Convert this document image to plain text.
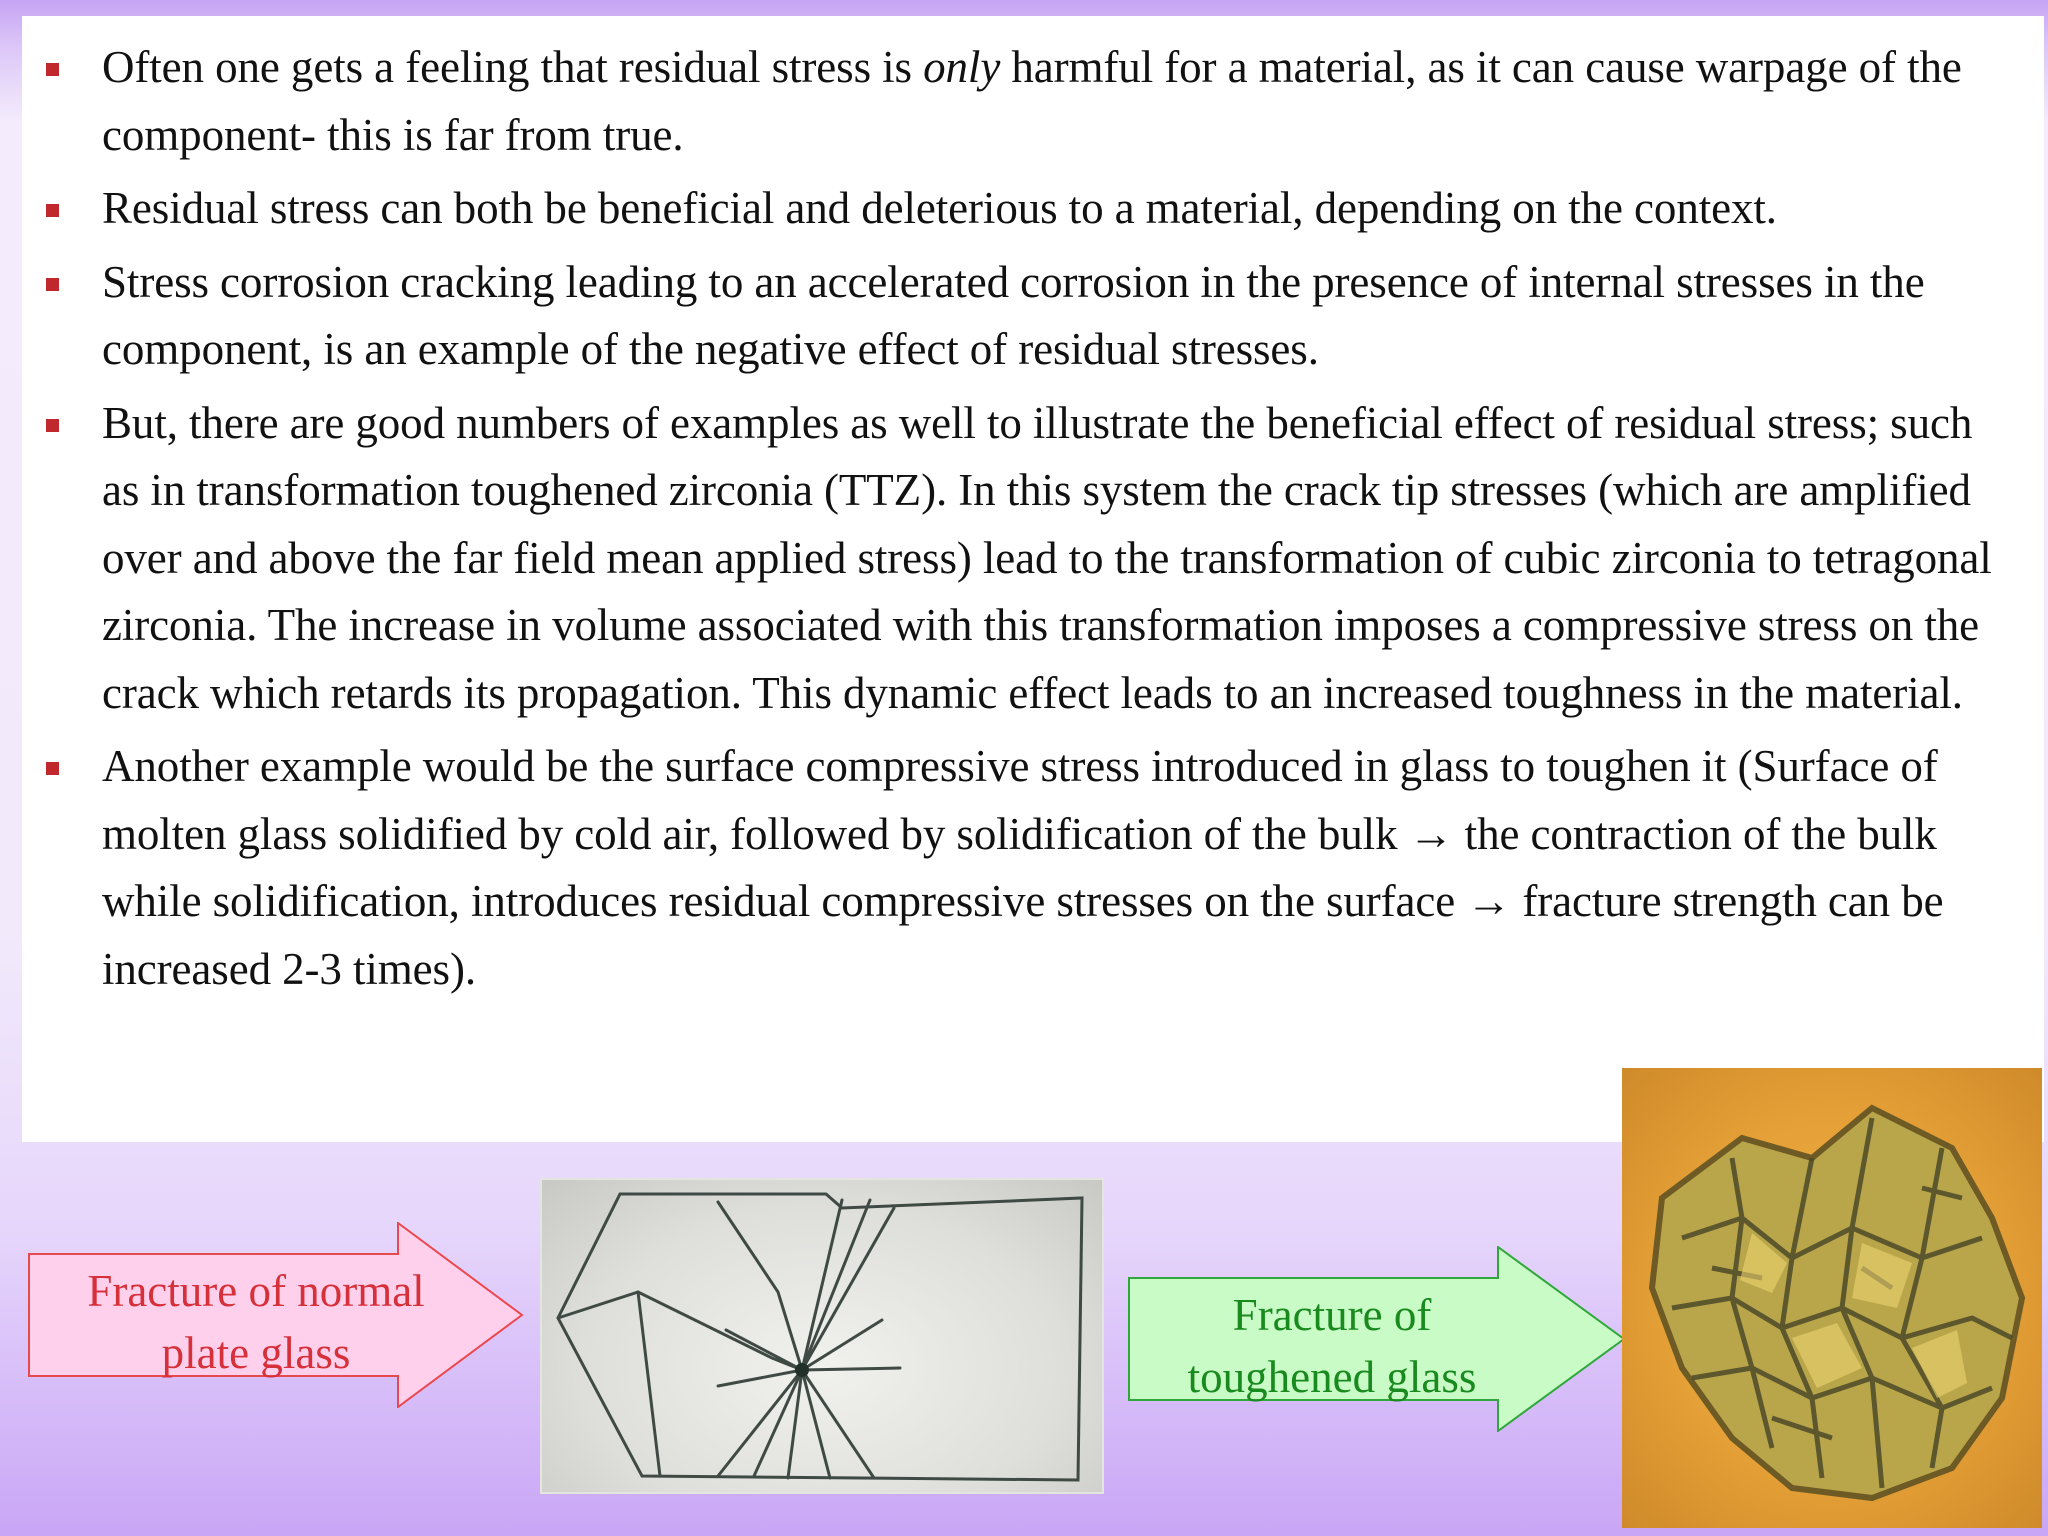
Often one gets a feeling that residual stress is only harmful for a material, as it can cause warpage of the component- this is far from true.
Residual stress can both be beneficial and deleterious to a material, depending on the context.
Stress corrosion cracking leading to an accelerated corrosion in the presence of internal stresses in the component, is an example of the negative effect of residual stresses.
But, there are good numbers of examples as well to illustrate the beneficial effect of residual stress; such as in transformation toughened zirconia (TTZ). In this system the crack tip stresses (which are amplified over and above the far field mean applied stress) lead to the transformation of cubic zirconia to tetragonal zirconia. The increase in volume associated with this transformation imposes a compressive stress on the crack which retards its propagation. This dynamic effect leads to an increased toughness in the material.
Another example would be the surface compressive stress introduced in glass to toughen it (Surface of molten glass solidified by cold air, followed by solidification of the bulk → the contraction of the bulk while solidification, introduces residual compressive stresses on the surface → fracture strength can be increased 2-3 times).
Fracture of normal
plate glass
Fracture of
toughened glass
